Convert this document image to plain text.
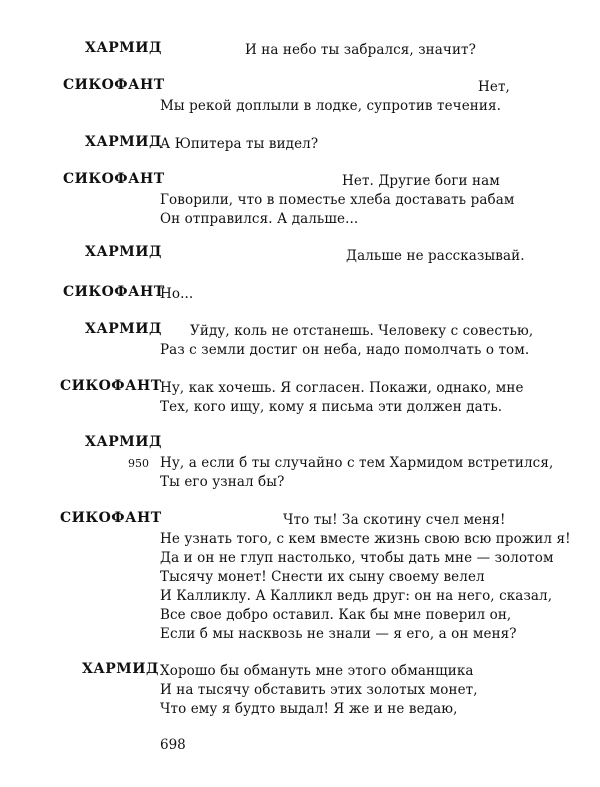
ХАРМИД	И на небо ты забрался, значит?
СИКОФАНТ	Нет,
Мы рекой доплыли в лодке, супротив течения.
ХАРМИД
А Юпитера ты видел?
СИКОФАНТ	Нет. Другие боги нам
Говорили, что в поместье хлеба доставать рабам
Он отправился. А дальше...
ХАРМИД	Дальше не рассказывай.
СИКОФАНТ
Но...
ХАРМИД Уйду, коль не отстанешь. Человеку с совестью,
Раз с земли достиг он неба, надо помолчать о том.
СИКОФАНТ
Ну, как хочешь. Я согласен. Покажи, однако, мне
Тех, кого ищу, кому я письма эти должен дать.
ХАРМИД
950 Ну, а если б ты случайно с тем Хармидом встретился,
Ты его узнал бы?
СИКОФАНТ	Что ты! За скотину счел меня!
Не узнать того, с кем вместе жизнь свою всю прожил я!
Да и он не глуп настолько, чтобы дать мне — золотом
Тысячу монет! Снести их сыну своему велел
И Калликлу. А Калликл ведь друг: он на него, сказал,
Все свое добро оставил. Как бы мне поверил он,
Если б мы насквозь не знали — я его, а он меня?
ХАРМИД Хорошо бы обмануть мне этого обманщика
И на тысячу обставить этих золотых монет,
Что ему я будто выдал! Я же и не ведаю,
698
